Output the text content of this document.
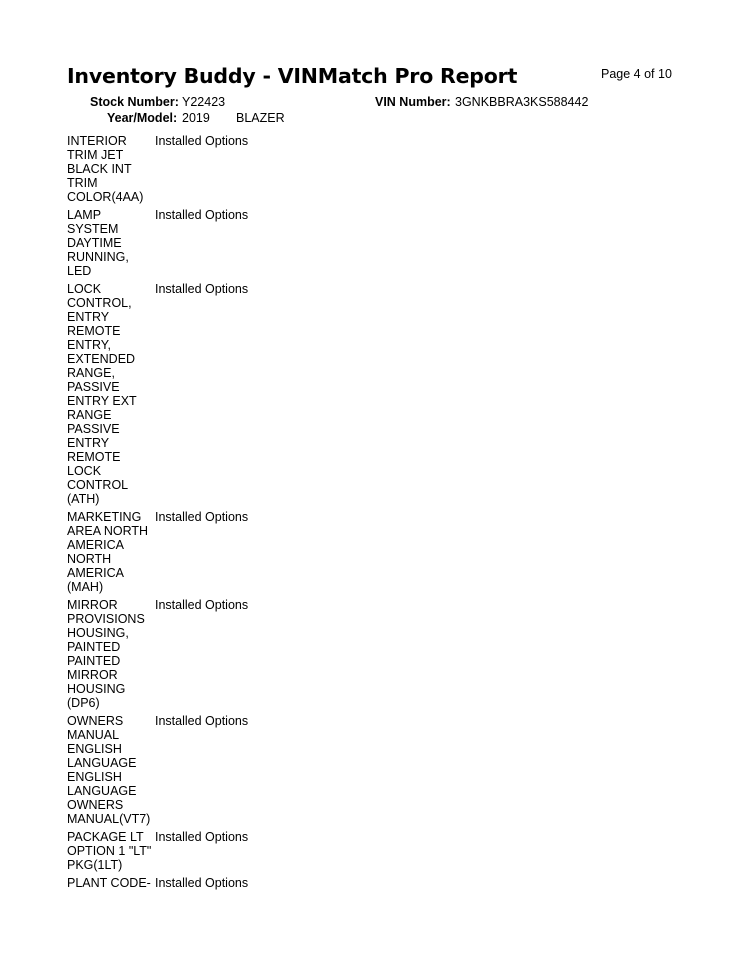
Inventory Buddy - VINMatch Pro Report	Page 4 of 10
Stock Number: Y22423	VIN Number: 3GNKBBRA3KS588442
Year/Model: 2019 BLAZER
INTERIOR
TRIM JET
BLACK INT
TRIM
COLOR(4AA)
Installed Options
LAMP
SYSTEM
DAYTIME
RUNNING,
LED
Installed Options
LOCK
CONTROL,
ENTRY
REMOTE
ENTRY,
EXTENDED
RANGE,
PASSIVE
ENTRY EXT
RANGE
PASSIVE
ENTRY
REMOTE
LOCK
CONTROL
(ATH)
Installed Options
MARKETING
AREA NORTH
AMERICA
NORTH
AMERICA
(MAH)
Installed Options
MIRROR
PROVISIONS
HOUSING,
PAINTED
PAINTED
MIRROR
HOUSING
(DP6)
Installed Options
OWNERS
MANUAL
ENGLISH
LANGUAGE
ENGLISH
LANGUAGE
OWNERS
MANUAL(VT7)
Installed Options
PACKAGE LT
OPTION 1 "LT"
PKG(1LT)
Installed Options
PLANT CODE- Installed Options
